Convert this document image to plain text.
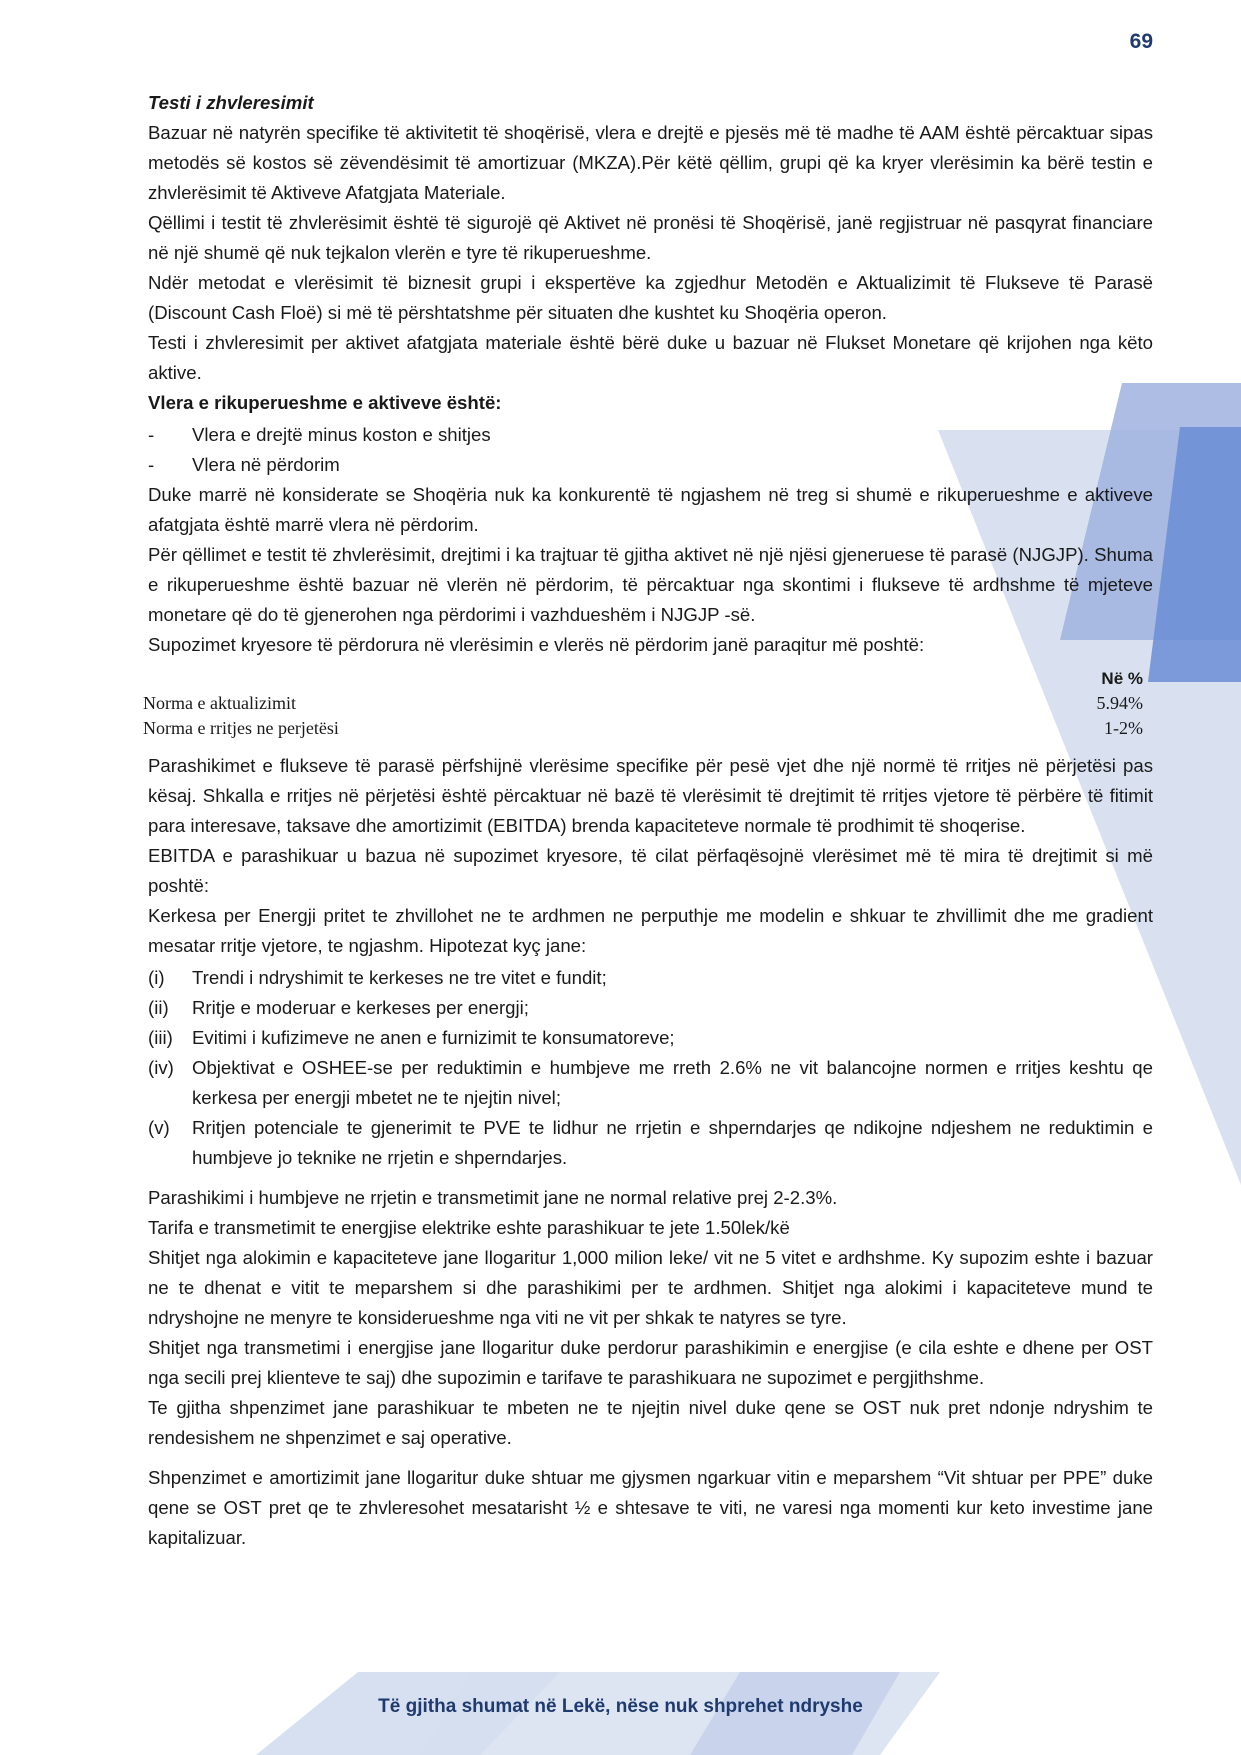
69

Testi i zhvleresimit

Bazuar në natyrën specifike të aktivitetit të shoqërisë, vlera e drejtë e pjesës më të madhe të AAM është përcaktuar sipas metodës së kostos së zëvendësimit të amortizuar (MKZA).Për këtë qëllim, grupi që ka kryer vlerësimin ka bërë testin e zhvlerësimit të Aktiveve Afatgjata Materiale.

Qëllimi i testit të zhvlerësimit është të sigurojë që Aktivet në pronësi të Shoqërisë, janë regjistruar në pasqyrat financiare në një shumë që nuk tejkalon vlerën e tyre të rikuperueshme.

Ndër metodat e vlerësimit të biznesit grupi i ekspertëve ka zgjedhur Metodën e Aktualizimit të Flukseve të Parasë (Discount Cash Floë) si më të përshtatshme për situaten dhe kushtet ku Shoqëria operon.

Testi i zhvleresimit per aktivet afatgjata materiale është bërë duke u bazuar në Flukset Monetare që krijohen nga këto aktive.

Vlera e rikuperueshme e aktiveve është:

-	Vlera e drejtë minus koston e shitjes
-	Vlera në përdorim

Duke marrë në konsiderate se Shoqëria nuk ka konkurentë të ngjashem në treg si shumë e rikuperueshme e aktiveve afatgjata është marrë vlera në përdorim.

Për qëllimet e testit të zhvlerësimit, drejtimi i ka trajtuar të gjitha aktivet në një njësi gjeneruese të parasë (NJGJP). Shuma e rikuperueshme është bazuar në vlerën në përdorim, të përcaktuar nga skontimi i flukseve të ardhshme të mjeteve monetare që do të gjenerohen nga përdorimi i vazhdueshëm i NJGJP -së.

Supozimet kryesore të përdorura në vlerësimin e vlerës në përdorim janë paraqitur më poshtë:

Në %
Norma e aktualizimit	5.94%
Norma e rritjes ne perjetësi	1-2%

Parashikimet e flukseve të parasë përfshijnë vlerësime specifike për pesë vjet dhe një normë të rritjes në përjetësi pas kësaj. Shkalla e rritjes në përjetësi është përcaktuar në bazë të vlerësimit të drejtimit të rritjes vjetore të përbëre të fitimit para interesave, taksave dhe amortizimit (EBITDA) brenda kapaciteteve normale të prodhimit të shoqerise.

EBITDA e parashikuar u bazua në supozimet kryesore, të cilat përfaqësojnë vlerësimet më të mira të drejtimit si më poshtë:

Kerkesa per Energji pritet te zhvillohet ne te ardhmen ne perputhje me modelin e shkuar te zhvillimit dhe me gradient mesatar rritje vjetore, te ngjashm. Hipotezat kyç jane:

(i)	Trendi i ndryshimit te kerkeses ne tre vitet e fundit;
(ii)	Rritje e moderuar e kerkeses per energji;
(iii)	Evitimi i kufizimeve ne anen e furnizimit te konsumatoreve;
(iv) Objektivat e OSHEE-se per reduktimin e humbjeve me rreth 2.6% ne vit balancojne normen e rritjes keshtu qe kerkesa per energji mbetet ne te njejtin nivel;
(v)	Rritjen potenciale te gjenerimit te PVE te lidhur ne rrjetin e shperndarjes qe ndikojne ndjeshem ne reduktimin e humbjeve jo teknike ne rrjetin e shperndarjes.

Parashikimi i humbjeve ne rrjetin e transmetimit jane ne normal relative prej 2-2.3%.

Tarifa e transmetimit te energjise elektrike eshte parashikuar te jete 1.50lek/kë

Shitjet nga alokimin e kapaciteteve jane llogaritur 1,000 milion leke/ vit ne 5 vitet e ardhshme. Ky supozim eshte i bazuar ne te dhenat e vitit te meparshem si dhe parashikimi per te ardhmen. Shitjet nga alokimi i kapaciteteve mund te ndryshojne ne menyre te konsiderueshme nga viti ne vit per shkak te natyres se tyre.

Shitjet nga transmetimi i energjise jane llogaritur duke perdorur parashikimin e energjise (e cila eshte e dhene per OST nga secili prej klienteve te saj) dhe supozimin e tarifave te parashikuara ne supozimet e pergjithshme.

Te gjitha shpenzimet jane parashikuar te mbeten ne te njejtin nivel duke qene se OST nuk pret ndonje ndryshim te rendesishem ne shpenzimet e saj operative.

Shpenzimet e amortizimit jane llogaritur duke shtuar me gjysmen ngarkuar vitin e meparshem “Vit shtuar per PPE” duke qene se OST pret qe te zhvleresohet mesatarisht ½ e shtesave te viti, ne varesi nga momenti kur keto investime jane kapitalizuar.

Të gjitha shumat në Lekë, nëse nuk shprehet ndryshe
